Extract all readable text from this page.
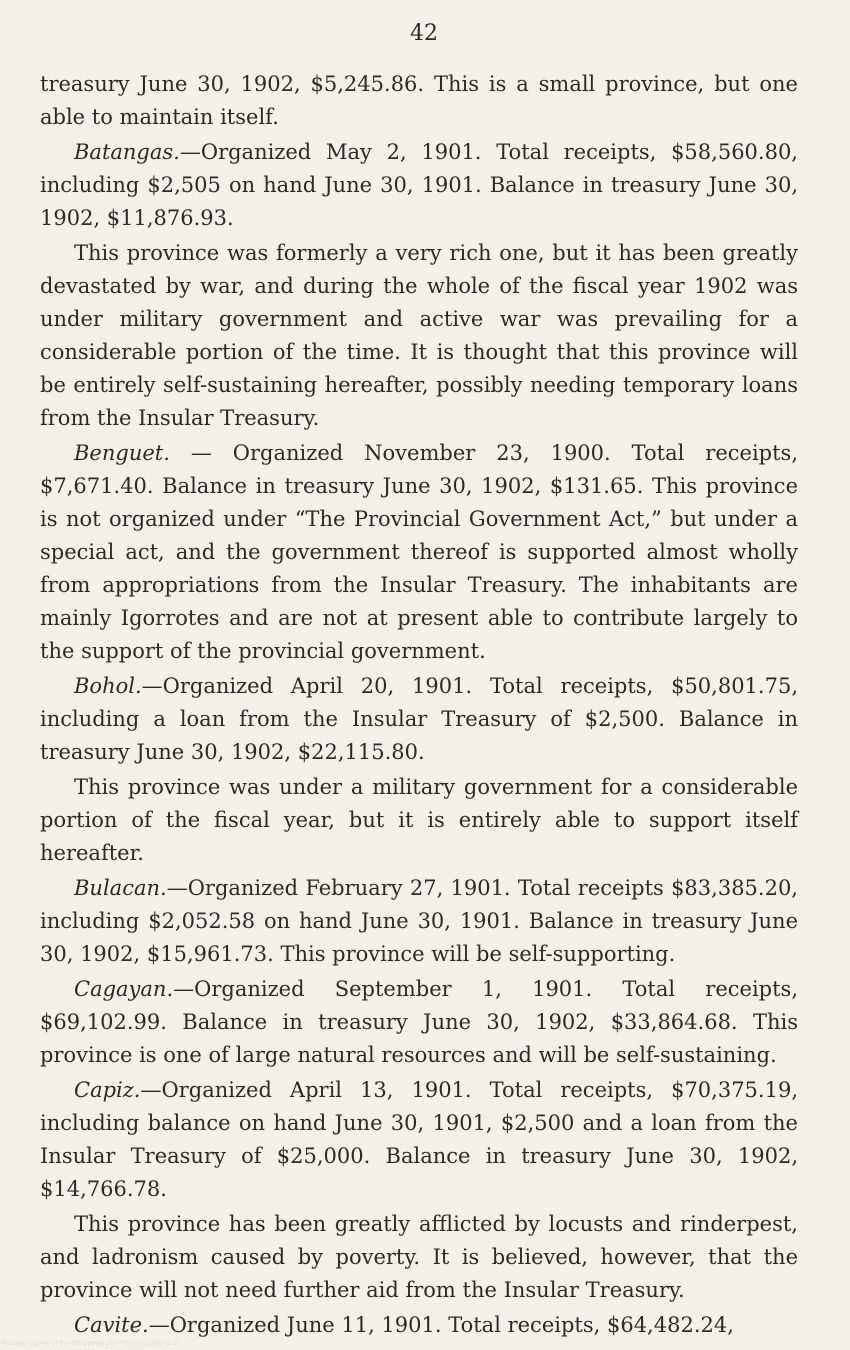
42

treasury June 30, 1902, $5,245.86. This is a small province, but one able to maintain itself.

Batangas.—Organized May 2, 1901. Total receipts, $58,560.80, including $2,505 on hand June 30, 1901. Balance in treasury June 30, 1902, $11,876.93.

This province was formerly a very rich one, but it has been greatly devastated by war, and during the whole of the fiscal year 1902 was under military government and active war was prevailing for a considerable portion of the time. It is thought that this province will be entirely self-sustaining hereafter, possibly needing temporary loans from the Insular Treasury.

Benguet. — Organized November 23, 1900. Total receipts, $7,671.40. Balance in treasury June 30, 1902, $131.65. This province is not organized under “The Provincial Government Act,” but under a special act, and the government thereof is supported almost wholly from appropriations from the Insular Treasury. The inhabitants are mainly Igorrotes and are not at present able to contribute largely to the support of the provincial government.

Bohol.—Organized April 20, 1901. Total receipts, $50,801.75, including a loan from the Insular Treasury of $2,500. Balance in treasury June 30, 1902, $22,115.80.

This province was under a military government for a considerable portion of the fiscal year, but it is entirely able to support itself hereafter.

Bulacan.—Organized February 27, 1901. Total receipts $83,385.20, including $2,052.58 on hand June 30, 1901. Balance in treasury June 30, 1902, $15,961.73. This province will be self-supporting.

Cagayan.—Organized September 1, 1901. Total receipts, $69,102.99. Balance in treasury June 30, 1902, $33,864.68. This province is one of large natural resources and will be self-sustaining.

Capiz.—Organized April 13, 1901. Total receipts, $70,375.19, including balance on hand June 30, 1901, $2,500 and a loan from the Insular Treasury of $25,000. Balance in treasury June 30, 1902, $14,766.78.

This province has been greatly afflicted by locusts and rinderpest, and ladronism caused by poverty. It is believed, however, that the province will not need further aid from the Insular Treasury.

Cavite.—Organized June 11, 1901. Total receipts, $64,482.24,

National Library of the Philippines DOH P000051180042.tif
